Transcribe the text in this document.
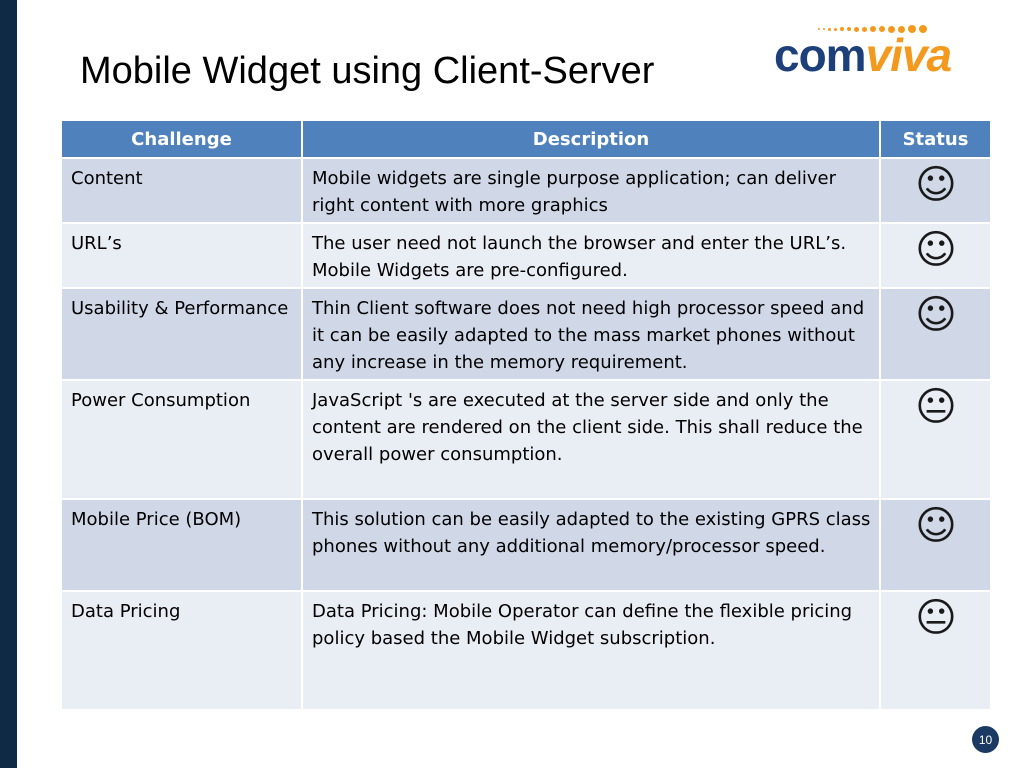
Mobile Widget using Client-Server	comviva
Challenge	Description	Status
Content	Mobile widgets are single purpose application; can deliver right content with more graphics	☺
URL’s	The user need not launch the browser and enter the URL’s. Mobile Widgets are pre-configured.	☺
Usability & Performance	Thin Client software does not need high processor speed and it can be easily adapted to the mass market phones without any increase in the memory requirement.	☺
Power Consumption	JavaScript 's are executed at the server side and only the content are rendered on the client side. This shall reduce the overall power consumption.	😐
Mobile Price (BOM)	This solution can be easily adapted to the existing GPRS class phones without any additional memory/processor speed.	☺
Data Pricing	Data Pricing: Mobile Operator can define the flexible pricing policy based the Mobile Widget subscription.	😐
10
